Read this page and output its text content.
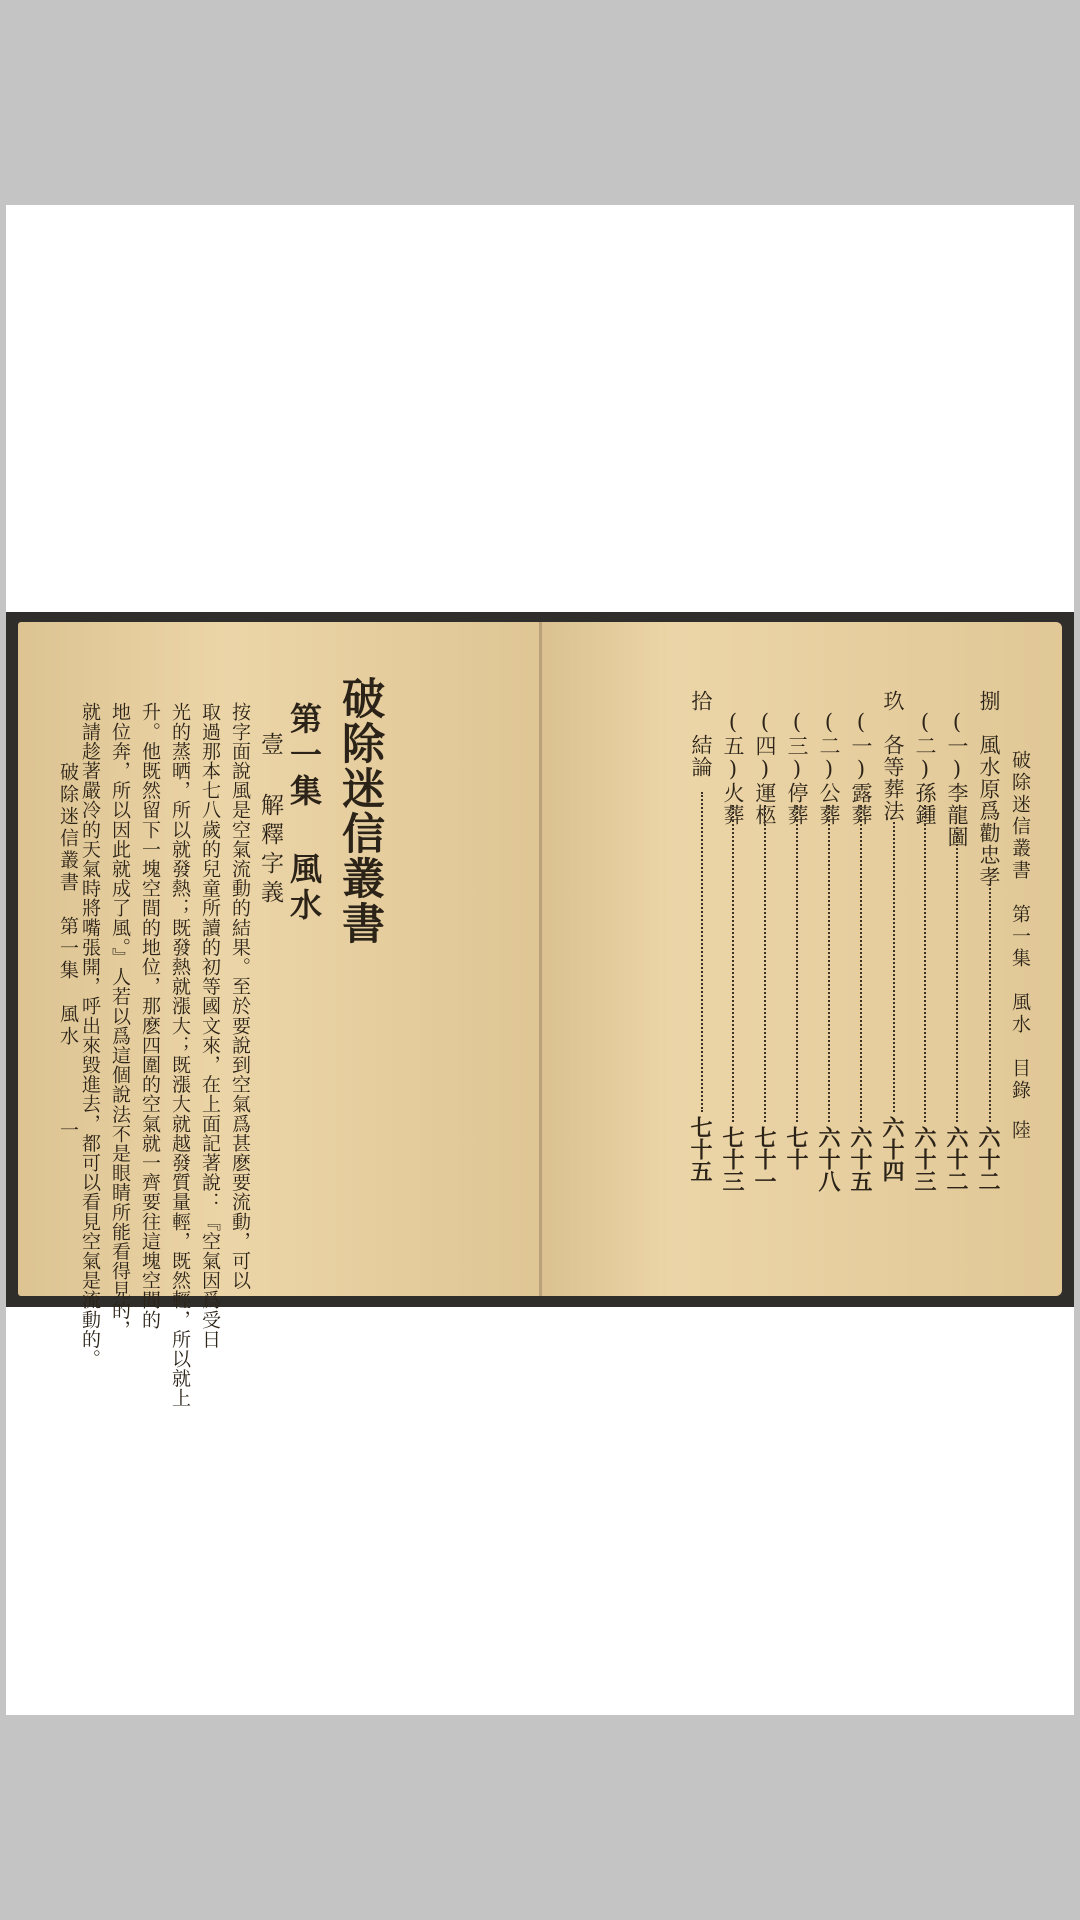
破除迷信叢書
第一集 風水
壹 解釋字義
按字面說風是空氣流動的結果。至於要說到空氣爲甚麽要流動，可以
取過那本七八歲的兒童所讀的初等國文來，在上面記著說：『空氣因爲受日
光的蒸晒，所以就發熱；既發熱就漲大；既漲大就越發質量輕，既然輕，所以就上
升。他既然留下一塊空間的地位，那麽四圍的空氣就一齊要往這塊空間的
地位奔，所以因此就成了風。』人若以爲這個說法不是眼睛所能看得見的，
就請趁著嚴冷的天氣時將嘴張開，呼出來毀進去，都可以看見空氣是流動的。
破除迷信叢書　第一集　風水
一
破除迷信叢書　第一集　風水　目錄
陸
捌　風水原爲勸忠孝
六十二
(一)李龍圖
六十二
(二)孫鍾
六十三
玖　各等葬法
六十四
(一)露葬
六十五
(二)公葬
六十八
(三)停葬
七十
(四)運柩
七十一
(五)火葬
七十三
拾　結論
七十五
